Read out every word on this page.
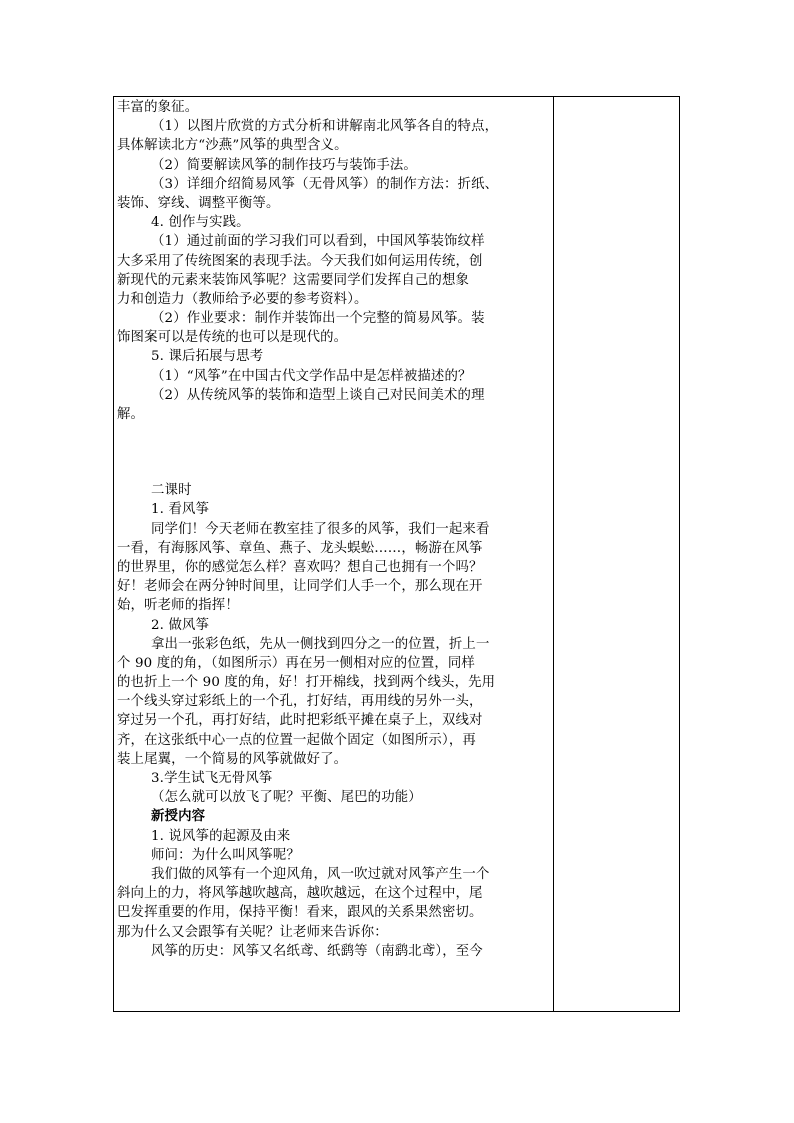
丰富的象征。
（1）以图片欣赏的方式分析和讲解南北风筝各自的特点，
具体解读北方“沙燕”风筝的典型含义。
（2）简要解读风筝的制作技巧与装饰手法。
（3）详细介绍简易风筝（无骨风筝）的制作方法：折纸、
装饰、穿线、调整平衡等。
4. 创作与实践。
（1）通过前面的学习我们可以看到，中国风筝装饰纹样
大多采用了传统图案的表现手法。今天我们如何运用传统，创
新现代的元素来装饰风筝呢？这需要同学们发挥自己的想象
力和创造力（教师给予必要的参考资料）。
（2）作业要求：制作并装饰出一个完整的简易风筝。装
饰图案可以是传统的也可以是现代的。
5. 课后拓展与思考
（1）“风筝”在中国古代文学作品中是怎样被描述的？
（2）从传统风筝的装饰和造型上谈自己对民间美术的理
解。
二课时
1. 看风筝
同学们！今天老师在教室挂了很多的风筝，我们一起来看
一看，有海豚风筝、章鱼、燕子、龙头蜈蚣……，畅游在风筝
的世界里，你的感觉怎么样？喜欢吗？想自己也拥有一个吗？
好！老师会在两分钟时间里，让同学们人手一个，那么现在开
始，听老师的指挥！
2. 做风筝
拿出一张彩色纸，先从一侧找到四分之一的位置，折上一
个 90 度的角，（如图所示）再在另一侧相对应的位置，同样
的也折上一个 90 度的角，好！打开棉线，找到两个线头，先用
一个线头穿过彩纸上的一个孔，打好结，再用线的另外一头，
穿过另一个孔，再打好结，此时把彩纸平摊在桌子上，双线对
齐，在这张纸中心一点的位置一起做个固定（如图所示），再
装上尾翼，一个简易的风筝就做好了。
3.学生试飞无骨风筝
（怎么就可以放飞了呢？平衡、尾巴的功能）
新授内容
1. 说风筝的起源及由来
师问：为什么叫风筝呢？
我们做的风筝有一个迎风角，风一吹过就对风筝产生一个
斜向上的力，将风筝越吹越高，越吹越远，在这个过程中，尾
巴发挥重要的作用，保持平衡！看来，跟风的关系果然密切。
那为什么又会跟筝有关呢？让老师来告诉你：
风筝的历史：风筝又名纸鸢、纸鹞等（南鹞北鸢），至今
